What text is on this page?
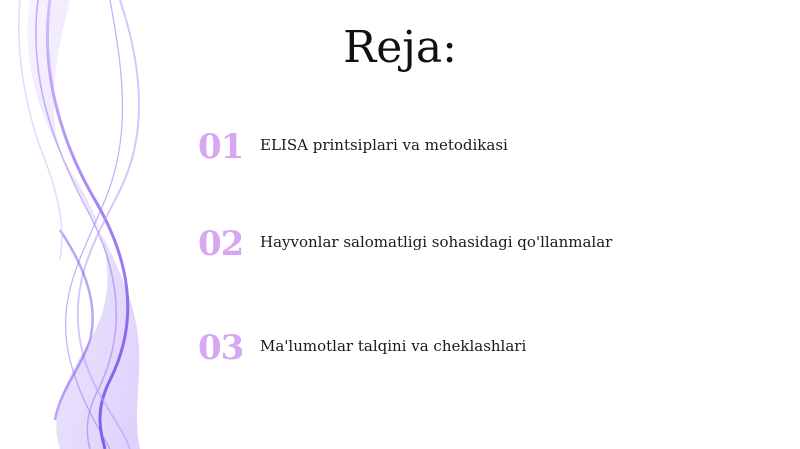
Reja:
01	ELISA printsiplari va metodikasi
02	Hayvonlar salomatligi sohasidagi qo'llanmalar
03	Ma'lumotlar talqini va cheklashlari
